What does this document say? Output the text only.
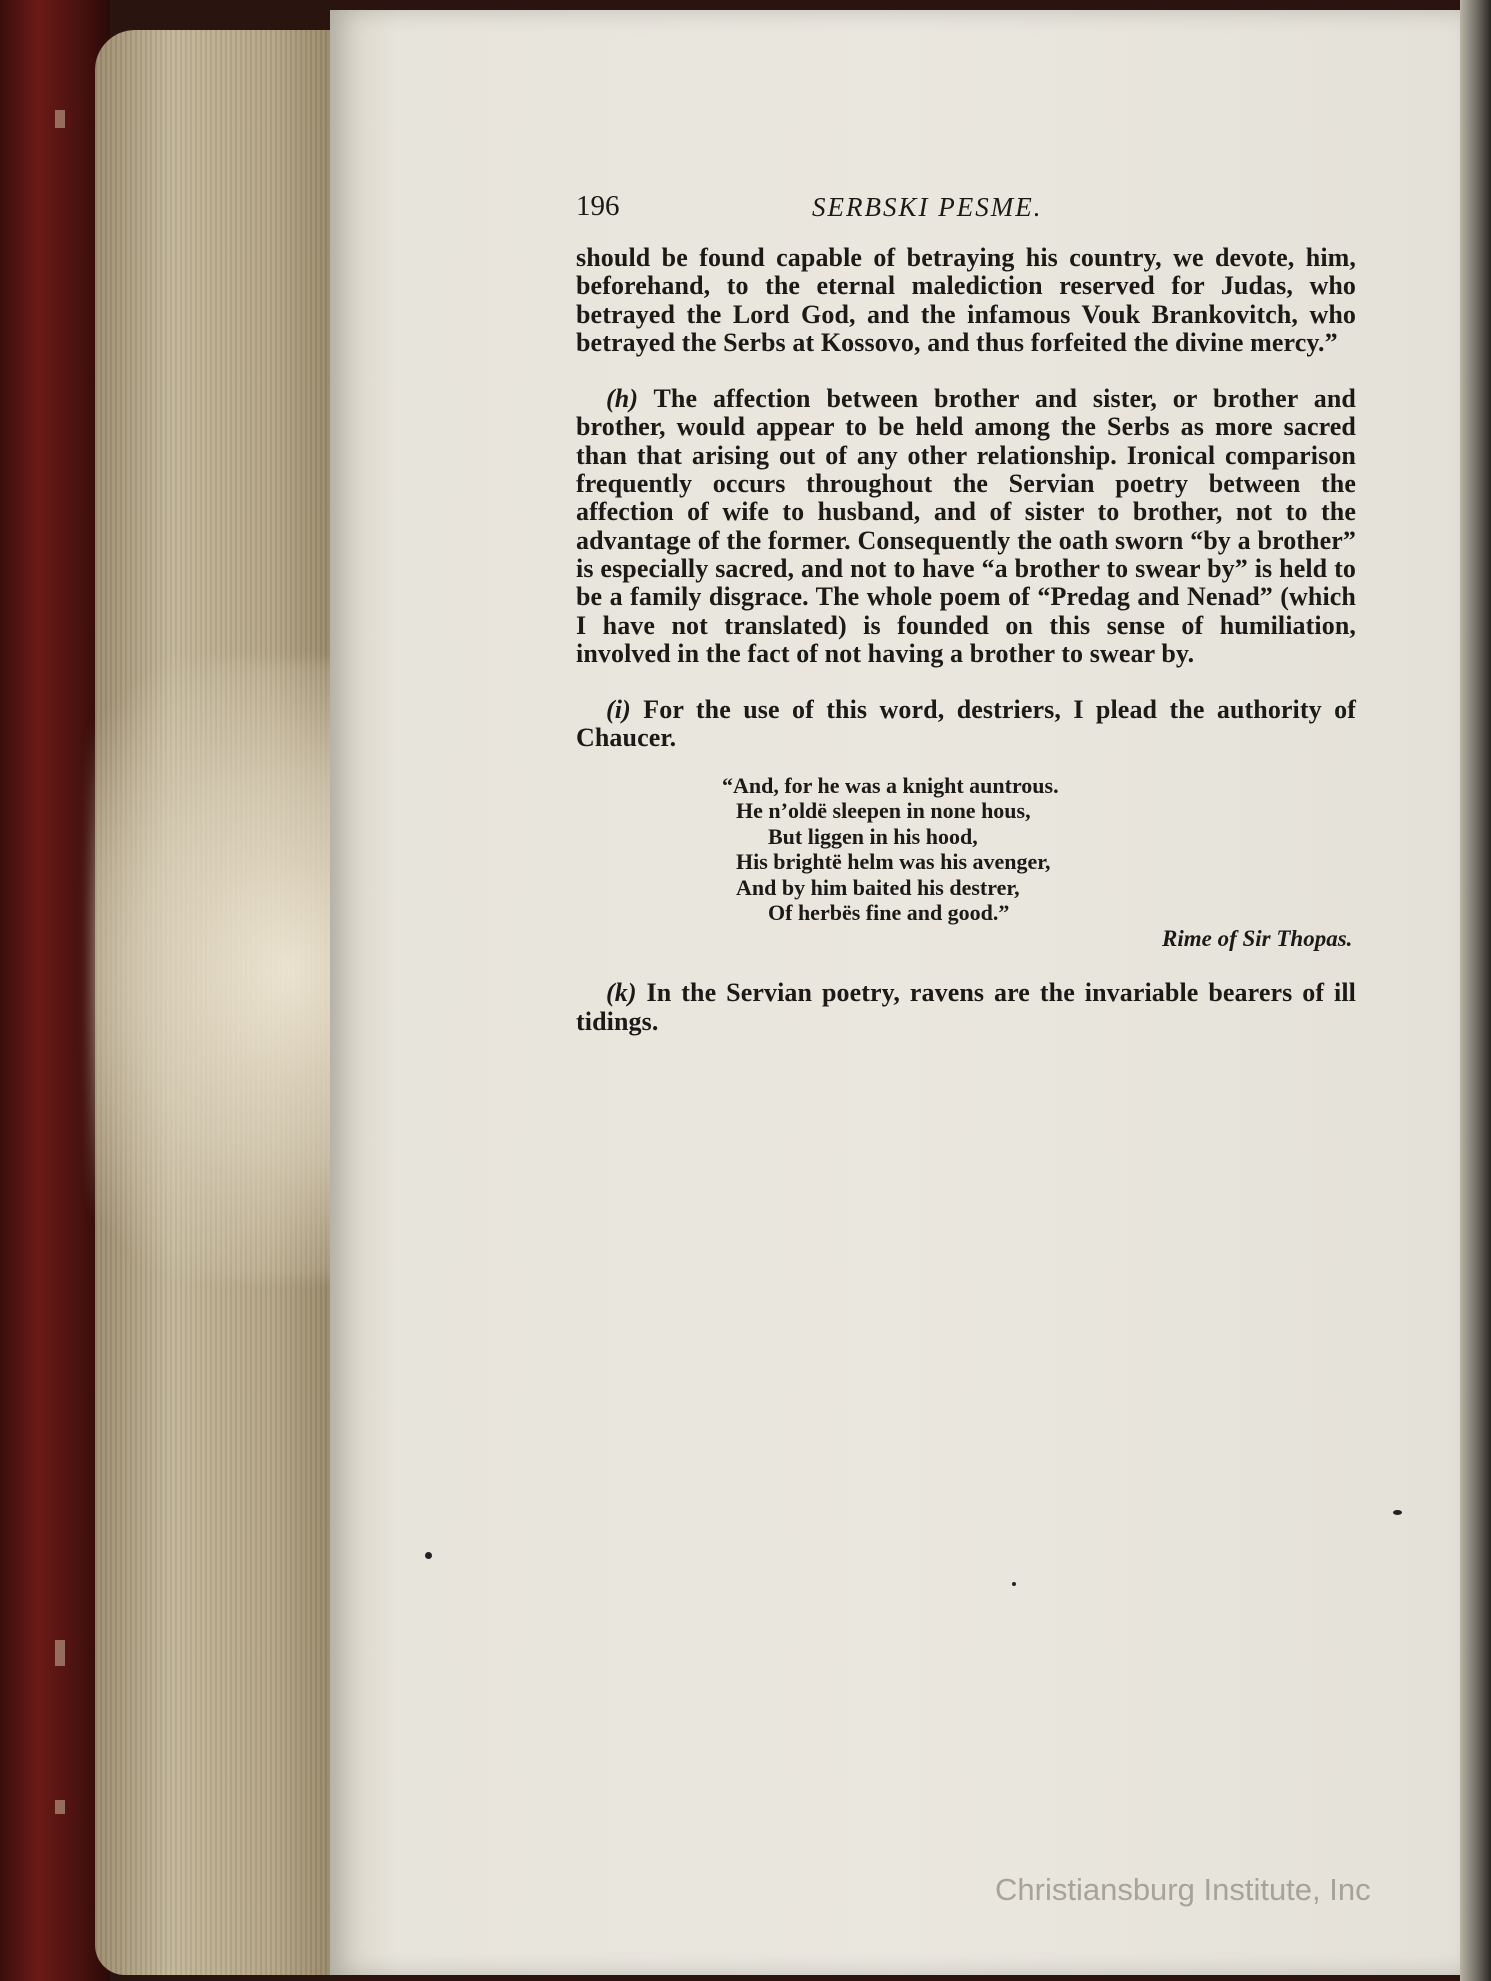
196	SERBSKI PESME.

should be found capable of betraying his country, we devote, him, beforehand, to the eternal malediction reserved for Judas, who betrayed the Lord God, and the infamous Vouk Brankovitch, who betrayed the Serbs at Kossovo, and thus forfeited the divine mercy.”

(h) The affection between brother and sister, or brother and brother, would appear to be held among the Serbs as more sacred than that arising out of any other relationship. Ironical comparison frequently occurs throughout the Servian poetry between the affection of wife to husband, and of sister to brother, not to the advantage of the former. Consequently the oath sworn “by a brother” is especially sacred, and not to have “a brother to swear by” is held to be a family disgrace. The whole poem of “Predag and Nenad” (which I have not translated) is founded on this sense of humiliation, involved in the fact of not having a brother to swear by.

(i) For the use of this word, destriers, I plead the authority of Chaucer.

“And, for he was a knight auntrous.
He n’oldë sleepen in none hous,
But liggen in his hood,
His brightë helm was his avenger,
And by him baited his destrer,
Of herbës fine and good.”
Rime of Sir Thopas.

(k) In the Servian poetry, ravens are the invariable bearers of ill tidings.

Christiansburg Institute, Inc
